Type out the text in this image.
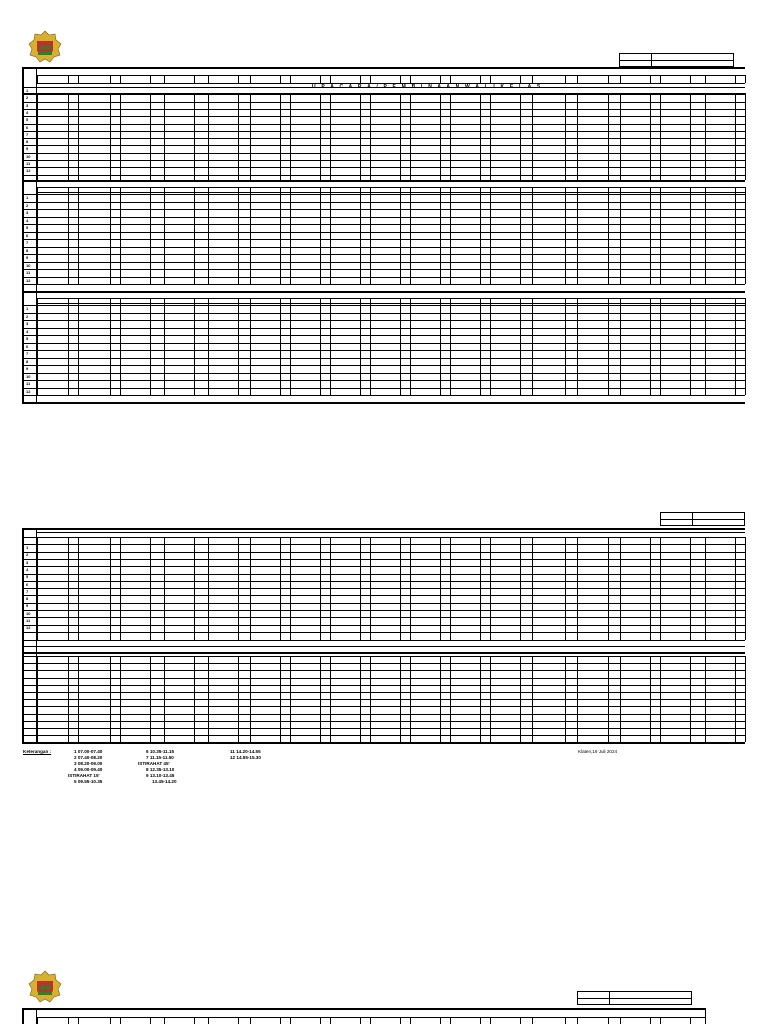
1
2
3
4
5
6
7
8
9
10
11
12
1
2
3
4
5
6
7
8
9
10
11
12
1
2
3
4
5
6
7
8
9
10
11
12
1
2
3
4
5
6
7
8
9
10
11
12
U P A C A R A / P E M B I N A A N W A L I K E L A S
Keterangan :	1 07.00-07.40
2 07.40-08.20
3 08.20-09.00
4 09.00-09.40
ISTIRAHAT 15'
5 09.55-10.35
6 10.35-11.15
7 11.15-11.50
ISTIRAHAT 45'
8 12.35-13.10
9 13.10-13.45
13.45-14.20
11 14.20-14.55
12 14.55-15.30
Klaten,19 Juli 2024
